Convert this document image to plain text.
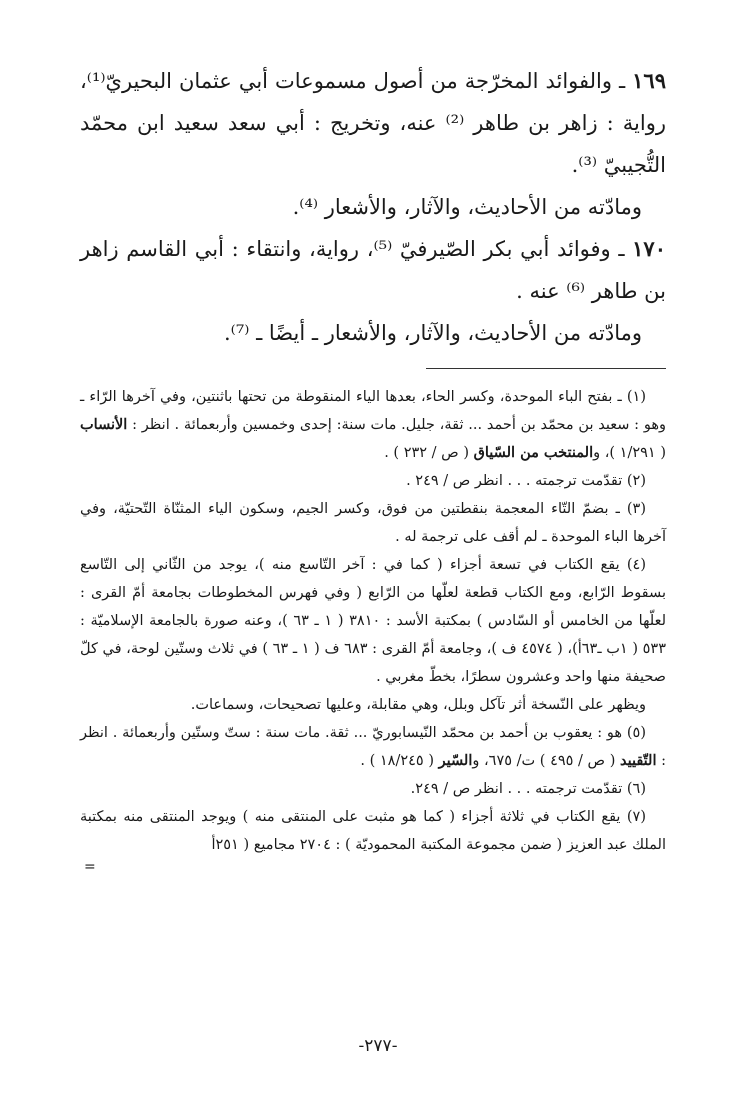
١٦٩ ـ والفوائد المخرّجة من أصول مسموعات أبي عثمان البحيريّ⁽¹⁾، رواية : زاهر بن طاهر ⁽²⁾ عنه، وتخريج : أبي سعد سعيد ابن محمّد التُّجيبيّ ⁽³⁾.

ومادّته من الأحاديث، والآثار، والأشعار ⁽⁴⁾.

١٧٠ ـ وفوائد أبي بكر الصّيرفيّ ⁽⁵⁾، رواية، وانتقاء : أبي القاسم زاهر بن طاهر ⁽⁶⁾ عنه .

ومادّته من الأحاديث، والآثار، والأشعار ـ أيضًا ـ ⁽⁷⁾.

(١) ـ بفتح الباء الموحدة، وكسر الحاء، بعدها الياء المنقوطة من تحتها باثنتين، وفي آخرها الرّاء ـ وهو : سعيد بن محمّد بن أحمد ... ثقة، جليل. مات سنة: إحدى وخمسين وأربعمائة . انظر : الأنساب ( ١/٢٩١ )، والمنتخب من السّياق ( ص / ٢٣٢ ) .

(٢) تقدّمت ترجمته . . . انظر ص / ٢٤٩ .

(٣) ـ بضمّ التّاء المعجمة بنقطتين من فوق، وكسر الجيم، وسكون الياء المثنّاة التّحتيّة، وفي آخرها الباء الموحدة ـ لم أقف على ترجمة له .

(٤) يقع الكتاب في تسعة أجزاء ( كما في : آخر التّاسع منه )، يوجد من الثّاني إلى التّاسع بسقوط الرّابع، ومع الكتاب قطعة لعلّها من الرّابع ( وفي فهرس المخطوطات بجامعة أمّ القرى : لعلّها من الخامس أو السّادس ) بمكتبة الأسد : ٣٨١٠ ( ١ ـ ٦٣ )، وعنه صورة بالجامعة الإسلاميّة : ٥٣٣ ( ١ب ـ٦٣أ)، ( ٤٥٧٤ ف )، وجامعة أمّ القرى : ٦٨٣ ف ( ١ ـ ٦٣ ) في ثلاث وستّين لوحة، في كلّ صحيفة منها واحد وعشرون سطرًا، بخطّ مغربي .

ويظهر على النّسخة أثر تآكل وبلل، وهي مقابلة، وعليها تصحيحات، وسماعات.

(٥) هو : يعقوب بن أحمد بن محمّد النّيسابوريّ ... ثقة. مات سنة : ستّ وستّين وأربعمائة . انظر : التّقييد ( ص / ٤٩٥ ) ت/ ٦٧٥، والسّير ( ١٨/٢٤٥ ) .

(٦) تقدّمت ترجمته . . . انظر ص / ٢٤٩.

(٧) يقع الكتاب في ثلاثة أجزاء ( كما هو مثبت على المنتقى منه ) ويوجد المنتقى منه بمكتبة الملك عبد العزيز ( ضمن مجموعة المكتبة المحموديّة ) : ٢٧٠٤ مجاميع ( ٢٥١أ

=
-٢٧٧-
